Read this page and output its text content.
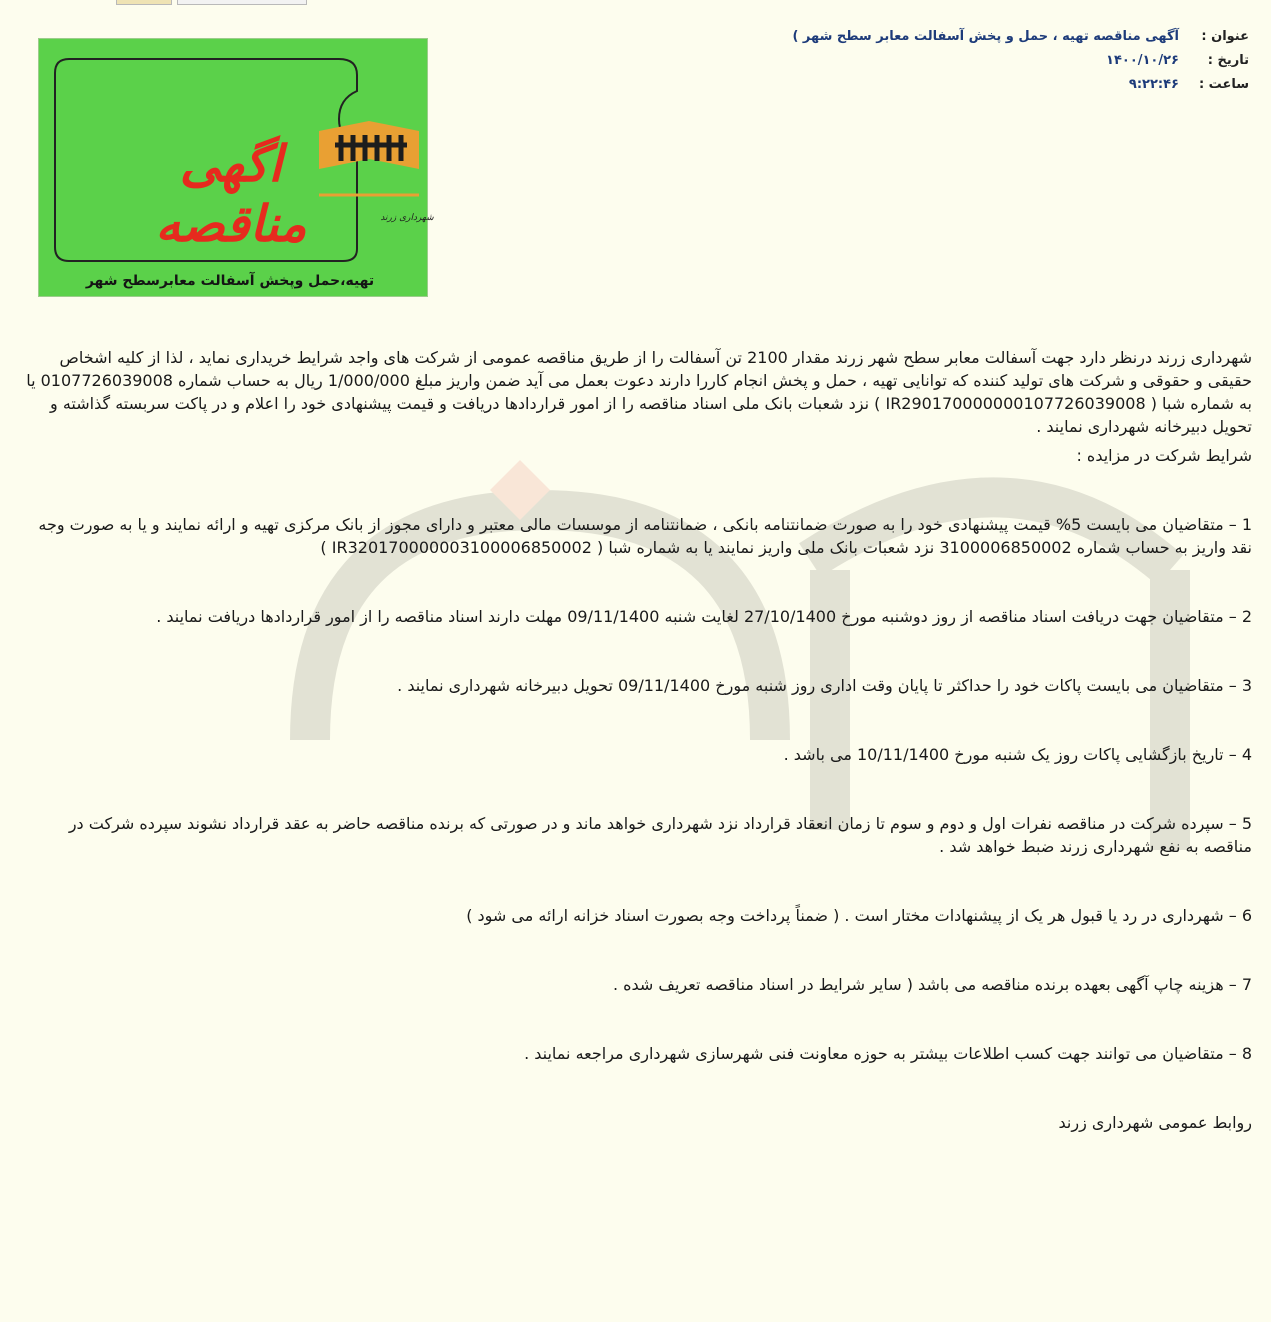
عنوان :
آگهی مناقصه تهیه ، حمل و پخش آسفالت معابر سطح شهر )
تاریخ :
۱۴۰۰/۱۰/۲۶
ساعت :
۹:۲۲:۴۶
شهرداری زرند
اگهی مناقصه
تهیه،حمل وپخش آسفالت معابرسطح شهر

شهرداری زرند درنظر دارد جهت آسفالت معابر سطح شهر زرند مقدار 2100 تن آسفالت را از طریق مناقصه عمومی از شرکت های واجد شرایط خریداری نماید ، لذا از کلیه اشخاص حقیقی و حقوقی و شرکت های تولید کننده که توانایی تهیه ، حمل و پخش انجام کاررا دارند دعوت بعمل می آید ضمن واریز مبلغ 1/000/000 ریال به حساب شماره 0107726039008 یا به شماره شبا ( IR290170000000107726039008 ) نزد شعبات بانک ملی اسناد مناقصه را از امور قراردادها دریافت و قیمت پیشنهادی خود را اعلام و در پاکت سربسته گذاشته و تحویل دبیرخانه شهرداری نمایند .

شرایط شرکت در مزایده :

1 – متقاضیان می بایست 5% قیمت پیشنهادی خود را به صورت ضمانتنامه بانکی ، ضمانتنامه از موسسات مالی معتبر و دارای مجوز از بانک مرکزی تهیه و ارائه نمایند و یا به صورت وجه نقد واریز به حساب شماره 3100006850002 نزد شعبات بانک ملی واریز نمایند یا به شماره شبا ( IR320170000003100006850002 )

2 – متقاضیان جهت دریافت اسناد مناقصه از روز دوشنبه مورخ 27/10/1400 لغایت شنبه 09/11/1400 مهلت دارند اسناد مناقصه را از امور قراردادها دریافت نمایند .

3 – متقاضیان می بایست پاکات خود را حداکثر تا پایان وقت اداری روز شنبه مورخ 09/11/1400 تحویل دبیرخانه شهرداری نمایند .

4 – تاریخ بازگشایی پاکات روز یک شنبه مورخ 10/11/1400 می باشد .

5 – سپرده شرکت در مناقصه نفرات اول و دوم و سوم تا زمان انعقاد قرارداد نزد شهرداری خواهد ماند و در صورتی که برنده مناقصه حاضر به عقد قرارداد نشوند سپرده شرکت در مناقصه به نفع شهرداری زرند ضبط خواهد شد .

6 – شهرداری در رد یا قبول هر یک از پیشنهادات مختار است . ( ضمناً پرداخت وجه بصورت اسناد خزانه ارائه می شود )

7 – هزینه چاپ آگهی بعهده برنده مناقصه می باشد ( سایر شرایط در اسناد مناقصه تعریف شده .

8 – متقاضیان می توانند جهت کسب اطلاعات بیشتر به حوزه معاونت فنی شهرسازی شهرداری مراجعه نمایند .

روابط عمومی شهرداری زرند
